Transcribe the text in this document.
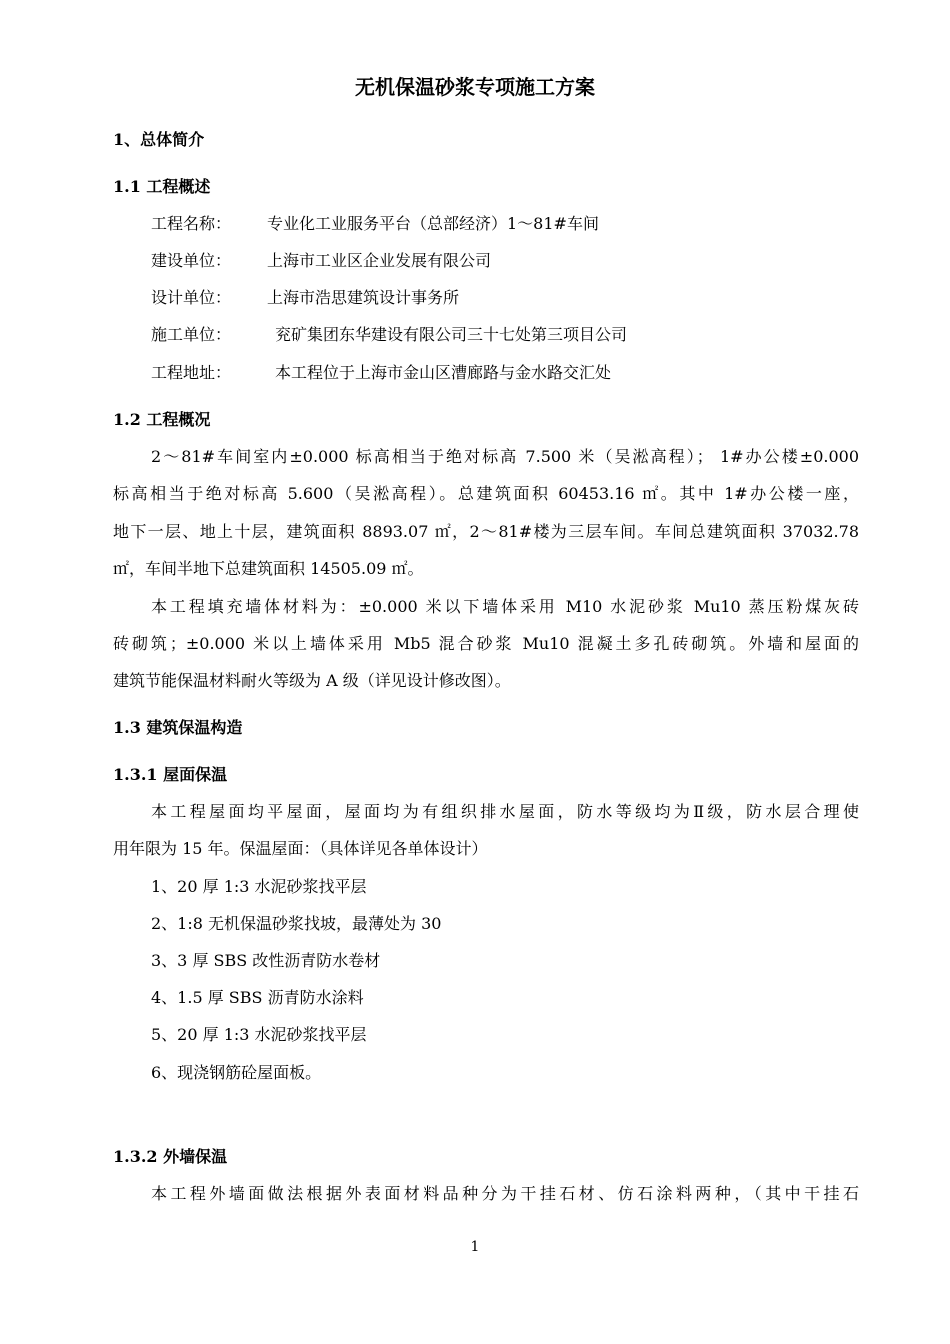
无机保温砂浆专项施工方案
1、总体简介
1.1 工程概述
工程名称： 专业化工业服务平台（总部经济）1～81#车间
建设单位： 上海市工业区企业发展有限公司
设计单位： 上海市浩思建筑设计事务所
施工单位：	兖矿集团东华建设有限公司三十七处第三项目公司
工程地址：	本工程位于上海市金山区漕廊路与金水路交汇处
1.2 工程概况
2～81#车间室内±0.000 标高相当于绝对标高 7.500 米（吴淞高程）； 1#办公楼±0.000
标高相当于绝对标高 5.600（吴淞高程）。总建筑面积 60453.16 ㎡。其中 1#办公楼一座，
地下一层、地上十层，建筑面积 8893.07 ㎡，2～81#楼为三层车间。车间总建筑面积 37032.78
㎡，车间半地下总建筑面积 14505.09 ㎡。
本工程填充墙体材料为：±0.000 米以下墙体采用 M10 水泥砂浆 Mu10 蒸压粉煤灰砖
砖砌筑；±0.000 米以上墙体采用 Mb5 混合砂浆 Mu10 混凝土多孔砖砌筑。外墙和屋面的
建筑节能保温材料耐火等级为 A 级（详见设计修改图）。
1.3 建筑保温构造
1.3.1 屋面保温
本工程屋面均平屋面，屋面均为有组织排水屋面，防水等级均为Ⅱ级，防水层合理使
用年限为 15 年。保温屋面：（具体详见各单体设计）
1、20 厚 1:3 水泥砂浆找平层
2、1:8 无机保温砂浆找坡，最薄处为 30
3、3 厚 SBS 改性沥青防水卷材
4、1.5 厚 SBS 沥青防水涂料
5、20 厚 1:3 水泥砂浆找平层
6、现浇钢筋砼屋面板。
1.3.2 外墙保温
本工程外墙面做法根据外表面材料品种分为干挂石材、仿石涂料两种，（其中干挂石
1
